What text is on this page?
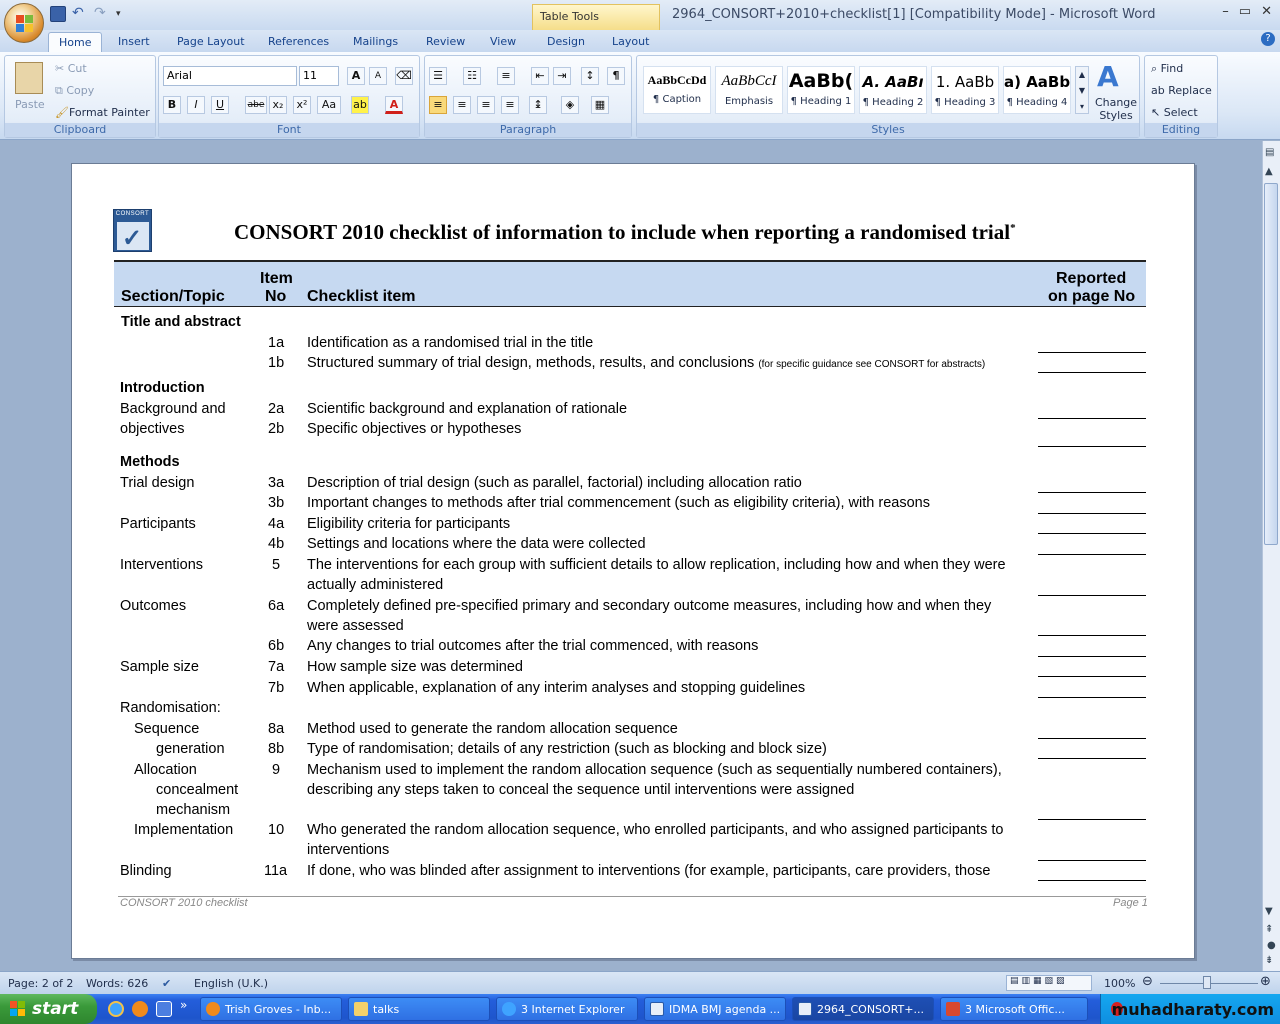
↶ ↷	▾	Table Tools	2964_CONSORT+2010+checklist[1] [Compatibility Mode] - Microsoft Word	– ▭ ✕
Home	Insert Page Layout References Mailings	Review View	Design Layout	?
Paste
✂ Cut
⧉ Copy
🖌Format Painter
Clipboard
Arial	11	A	A	⌫
B	I	U	abe x₂	x²	Aa	ab	A
Font
☰	☷	≡	⇤	⇥	↕	¶
≡	≡	≡	≡	↨	◈	▦
Paragraph
AaBbCcDd
¶ Caption
AaBbCcI
Emphasis
AaBb(
¶ Heading 1
A. AaBı
¶ Heading 2
1. AaBb
¶ Heading 3
a) AaBb
¶ Heading 4
▲
▼
▾
A
Change Styles
Styles
⌕ Find
ab Replace
↖ Select
Editing
▤
▲
▼
⇞
●
⇟
CONSORT
✓	CONSORT 2010 checklist of information to include when reporting a randomised trial*
Section/Topic
Item
No Checklist item
Reported
on page No
Title and abstract
1a Identification as a randomised trial in the title
1b Structured summary of trial design, methods, results, and conclusions (for specific guidance see CONSORT for abstracts)
Introduction
Background and	2a Scientific background and explanation of rationale
objectives	2b Specific objectives or hypotheses
Methods
Trial design	3a Description of trial design (such as parallel, factorial) including allocation ratio
3b Important changes to methods after trial commencement (such as eligibility criteria), with reasons
Participants	4a Eligibility criteria for participants
4b Settings and locations where the data were collected
Interventions	5 The interventions for each group with sufficient details to allow replication, including how and when they were
actually administered
Outcomes	6a Completely defined pre-specified primary and secondary outcome measures, including how and when they
were assessed
6b Any changes to trial outcomes after the trial commenced, with reasons
Sample size	7a How sample size was determined
7b When applicable, explanation of any interim analyses and stopping guidelines
Randomisation:
Sequence	8a Method used to generate the random allocation sequence
generation	8b Type of randomisation; details of any restriction (such as blocking and block size)
Allocation
concealment
mechanism
9 Mechanism used to implement the random allocation sequence (such as sequentially numbered containers),
describing any steps taken to conceal the sequence until interventions were assigned
Implementation 10 Who generated the random allocation sequence, who enrolled participants, and who assigned participants to
interventions
Blinding	11a If done, who was blinded after assignment to interventions (for example, participants, care providers, those
CONSORT 2010 checklist	Page 1
Page: 2 of 2 Words: 626 ✔ English (U.K.)	▤▥▦▧▨	100% ⊖	⊕
start	»	Trish Groves - Inb...	talks	3 Internet Explorer	IDMA BMJ agenda ...	2964_CONSORT+...	3 Microsoft Offic...	muhadharaty.com
